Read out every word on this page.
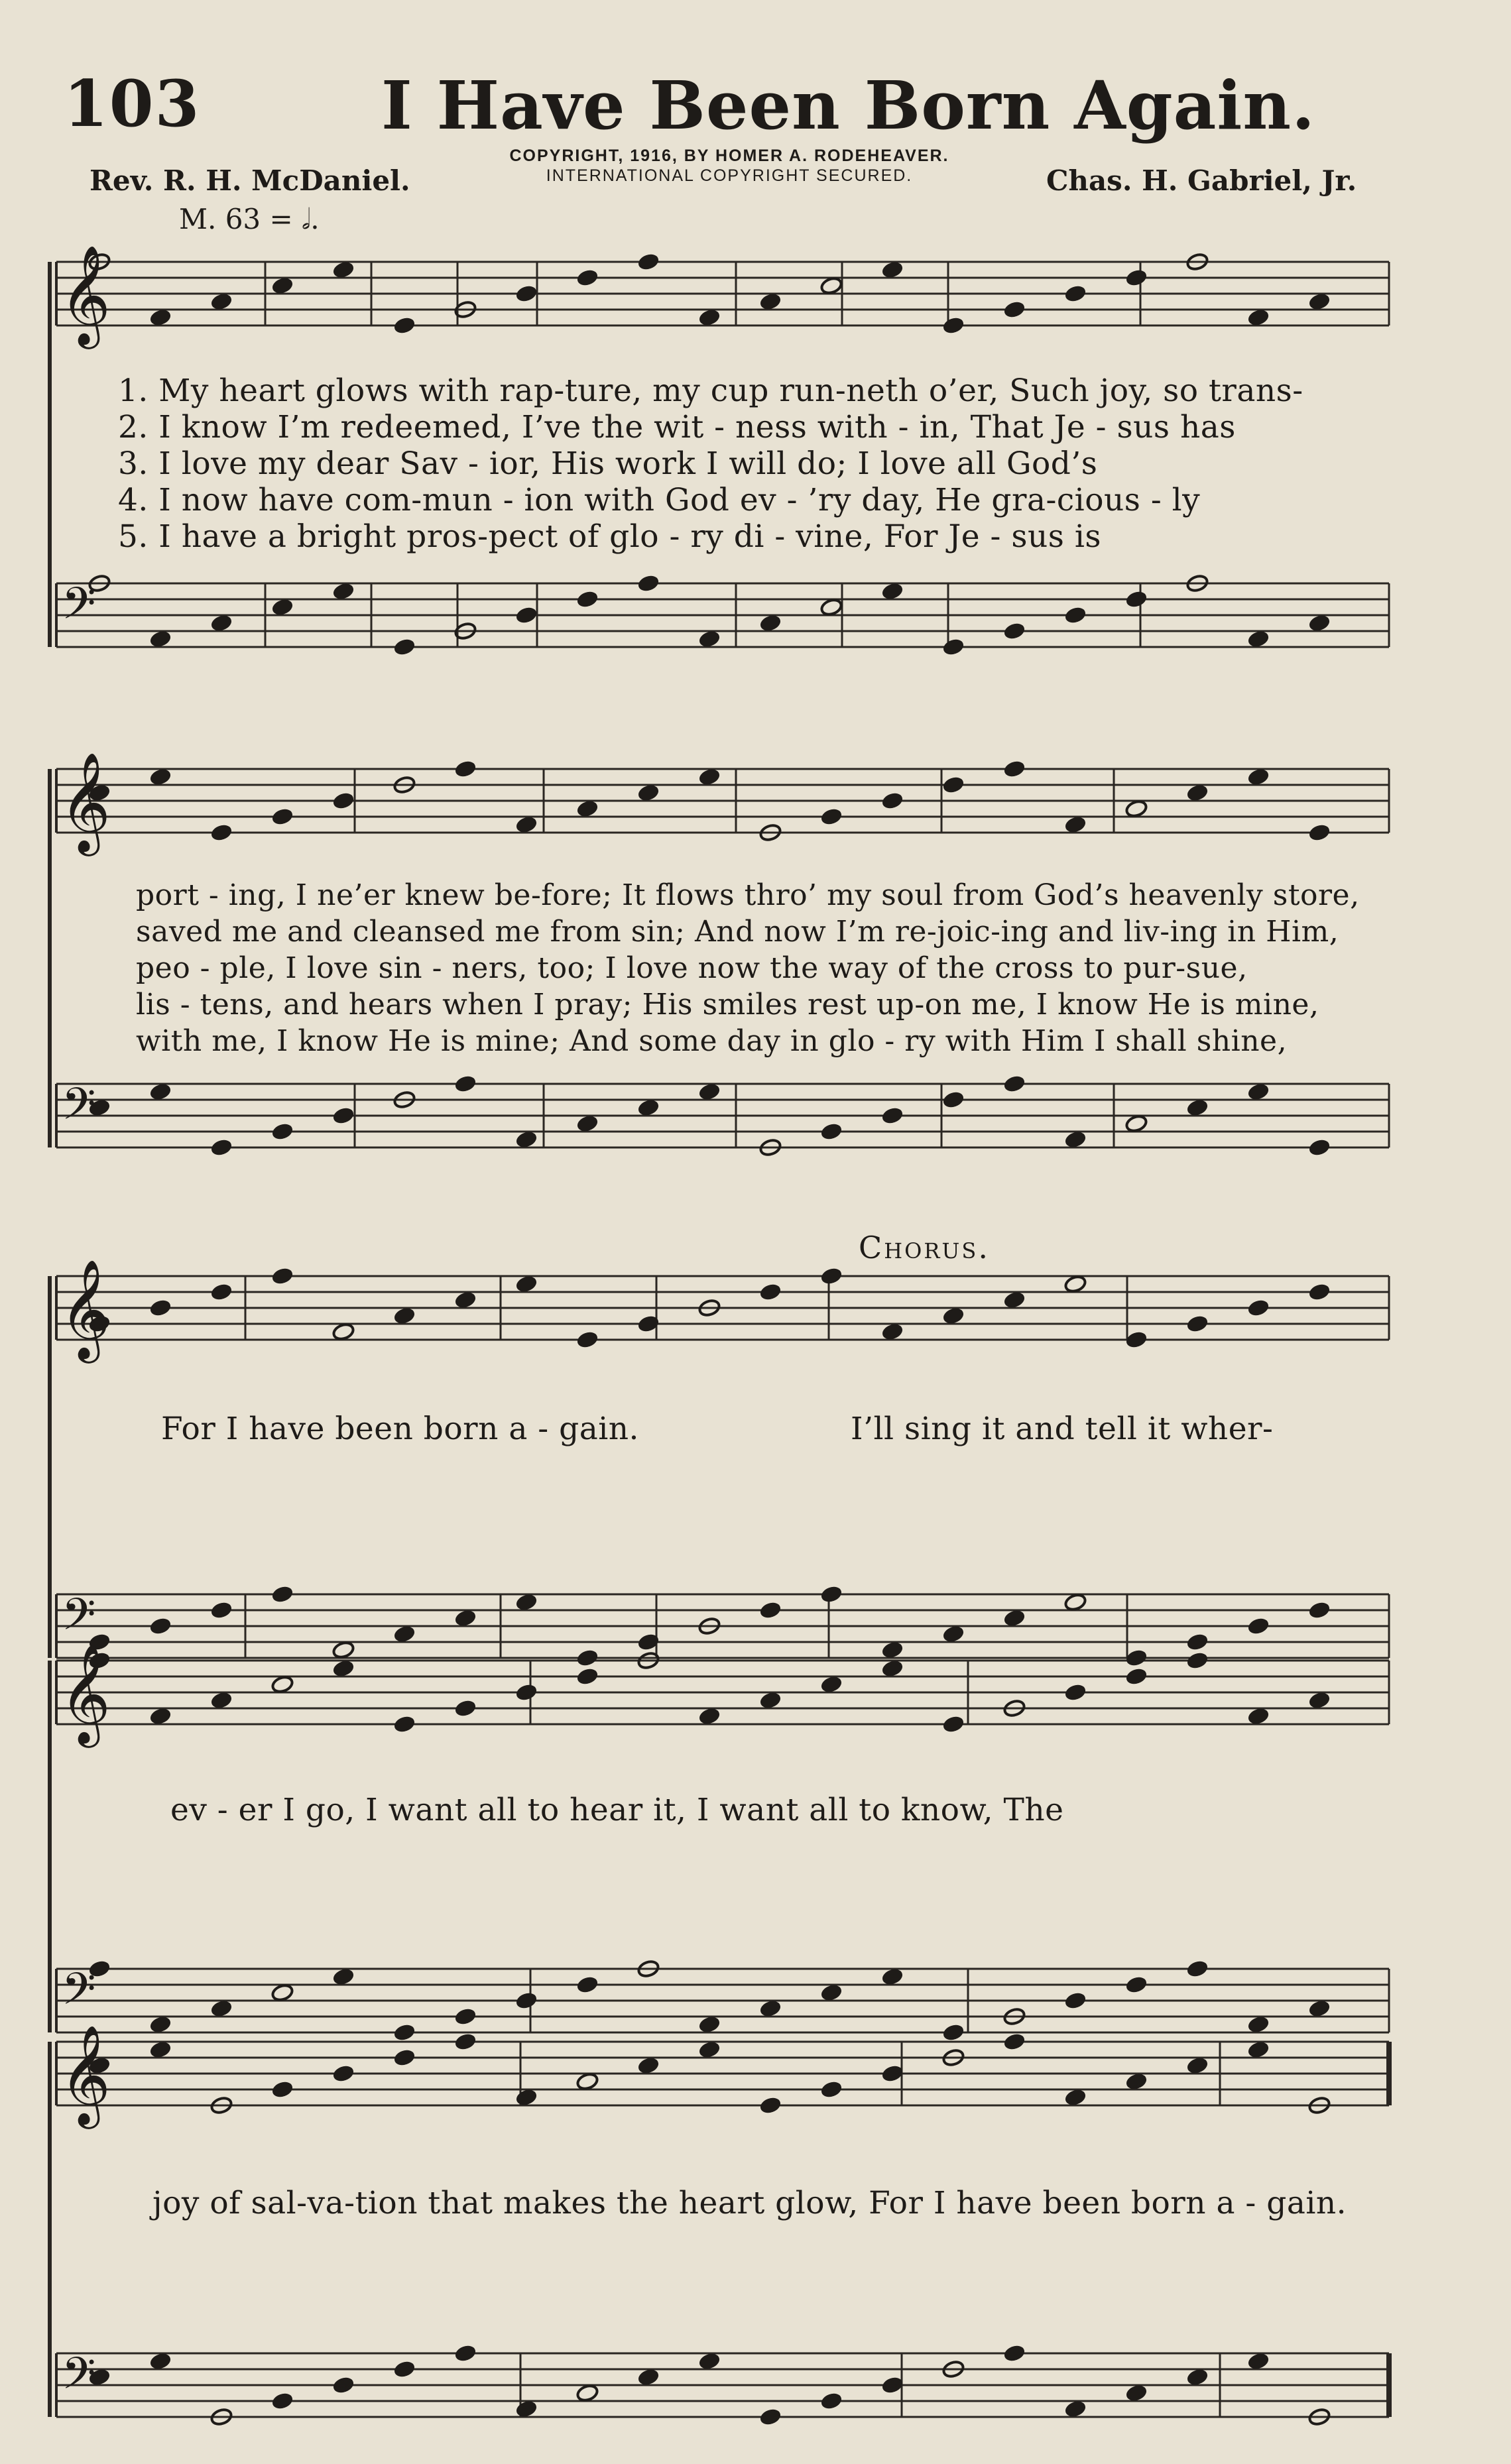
103	I Have Been Born Again.
COPYRIGHT, 1916, BY HOMER A. RODEHEAVER.
INTERNATIONAL COPYRIGHT SECURED.
Rev. R. H. McDaniel.	Chas. H. Gabriel, Jr.
M. 63 = 𝅗𝅥.
𝄞
𝄢
𝄞
𝄢
𝄞
𝄢
𝄞
𝄢
𝄞
𝄢
1. My heart glows with rap-ture, my cup run-neth o’er, Such joy, so trans-
2. I know I’m redeemed, I’ve the wit - ness with - in, That Je - sus has
3. I love my dear Sav - ior, His work I will do; I love all God’s
4. I now have com-mun - ion with God ev - ’ry day, He gra-cious - ly
5. I have a bright pros-pect of glo - ry di - vine, For Je - sus is
port - ing, I ne’er knew be-fore; It flows thro’ my soul from God’s heavenly store,
saved me and cleansed me from sin; And now I’m re-joic-ing and liv-ing in Him,
peo - ple, I love sin - ners, too; I love now the way of the cross to pur-sue,
lis - tens, and hears when I pray; His smiles rest up-on me, I know He is mine,
with me, I know He is mine; And some day in glo - ry with Him I shall shine,
Chorus.
For I have been born a - gain.	I’ll sing it and tell it wher-
ev - er I go, I want all to hear it, I want all to know, The
joy of sal-va-tion that makes the heart glow, For I have been born a - gain.
